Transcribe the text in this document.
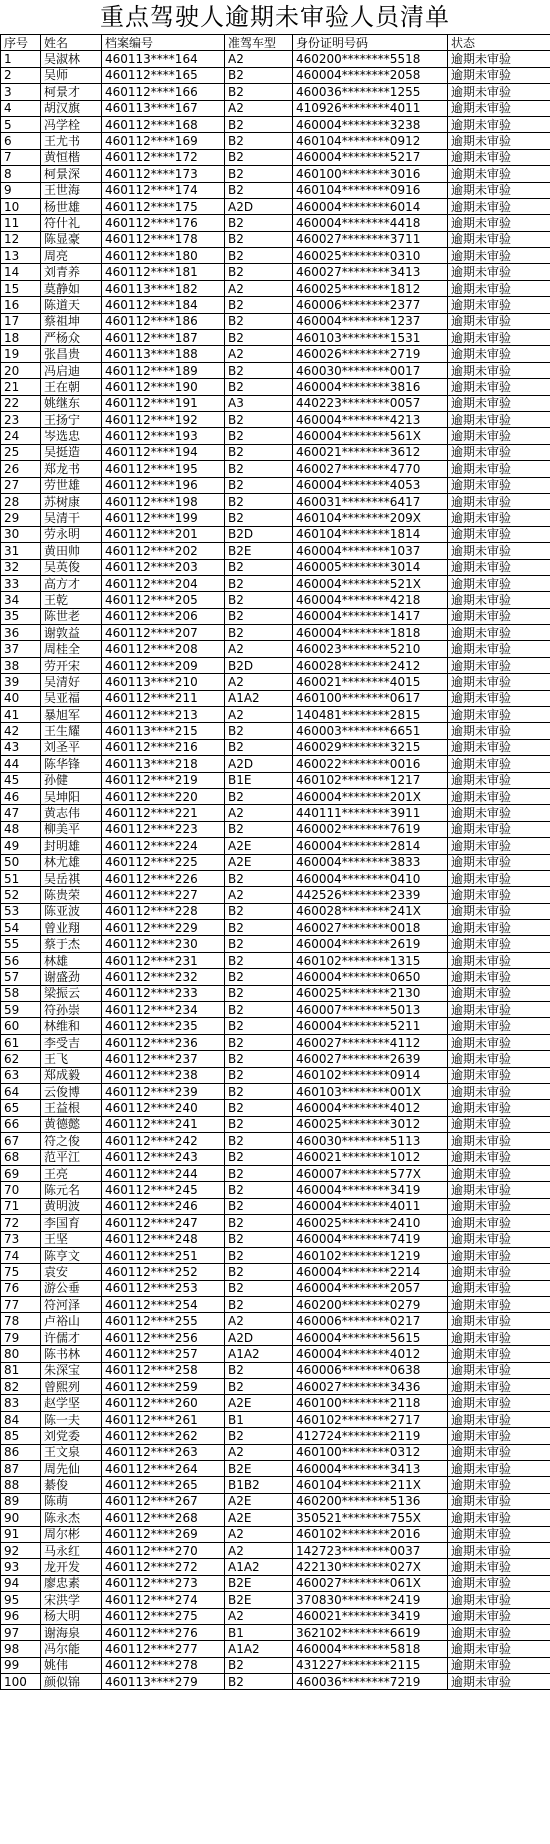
重点驾驶人逾期未审验人员清单
序号	姓名	档案编号	准驾车型	身份证明号码	状态
1	吴淑林	460113****164	A2	460200********5518	逾期未审验
2	吴师	460112****165	B2	460004********2058	逾期未审验
3	柯景才	460112****166	B2	460036********1255	逾期未审验
4	胡汉旗	460113****167	A2	410926********4011	逾期未审验
5	冯学栓	460112****168	B2	460004********3238	逾期未审验
6	王尤书	460112****169	B2	460104********0912	逾期未审验
7	黄恒楷	460112****172	B2	460004********5217	逾期未审验
8	柯景深	460112****173	B2	460100********3016	逾期未审验
9	王世海	460112****174	B2	460104********0916	逾期未审验
10	杨世雄	460112****175	A2D	460004********6014	逾期未审验
11	符什礼	460112****176	B2	460004********4418	逾期未审验
12	陈显豪	460112****178	B2	460027********3711	逾期未审验
13	周亮	460112****180	B2	460025********0310	逾期未审验
14	刘青养	460112****181	B2	460027********3413	逾期未审验
15	莫静如	460113****182	A2	460025********1812	逾期未审验
16	陈道天	460112****184	B2	460006********2377	逾期未审验
17	蔡祖坤	460112****186	B2	460004********1237	逾期未审验
18	严杨众	460112****187	B2	460103********1531	逾期未审验
19	张昌贵	460113****188	A2	460026********2719	逾期未审验
20	冯启迪	460112****189	B2	460030********0017	逾期未审验
21	王在朝	460112****190	B2	460004********3816	逾期未审验
22	姚继东	460112****191	A3	440223********0057	逾期未审验
23	王扬宁	460112****192	B2	460004********4213	逾期未审验
24	岑选忠	460112****193	B2	460004********561X	逾期未审验
25	吴挺造	460112****194	B2	460021********3612	逾期未审验
26	郑龙书	460112****195	B2	460027********4770	逾期未审验
27	劳世雄	460112****196	B2	460004********4053	逾期未审验
28	苏树康	460112****198	B2	460031********6417	逾期未审验
29	吴清干	460112****199	B2	460104********209X	逾期未审验
30	劳永明	460112****201	B2D	460104********1814	逾期未审验
31	黄田帅	460112****202	B2E	460004********1037	逾期未审验
32	吴英俊	460112****203	B2	460005********3014	逾期未审验
33	高方才	460112****204	B2	460004********521X	逾期未审验
34	王乾	460112****205	B2	460004********4218	逾期未审验
35	陈世老	460112****206	B2	460004********1417	逾期未审验
36	谢敦益	460112****207	B2	460004********1818	逾期未审验
37	周桂全	460112****208	A2	460023********5210	逾期未审验
38	劳开宋	460112****209	B2D	460028********2412	逾期未审验
39	吴清好	460113****210	A2	460021********4015	逾期未审验
40	吴亚福	460112****211	A1A2	460100********0617	逾期未审验
41	暴旭军	460112****213	A2	140481********2815	逾期未审验
42	王生耀	460113****215	B2	460003********6651	逾期未审验
43	刘圣平	460112****216	B2	460029********3215	逾期未审验
44	陈华锋	460113****218	A2D	460022********0016	逾期未审验
45	孙健	460112****219	B1E	460102********1217	逾期未审验
46	吴坤阳	460112****220	B2	460004********201X	逾期未审验
47	黄志伟	460112****221	A2	440111********3911	逾期未审验
48	柳美平	460112****223	B2	460002********7619	逾期未审验
49	封明雄	460112****224	A2E	460004********2814	逾期未审验
50	林尤雄	460112****225	A2E	460004********3833	逾期未审验
51	吴岳祺	460112****226	B2	460004********0410	逾期未审验
52	陈贵荣	460112****227	A2	442526********2339	逾期未审验
53	陈亚波	460112****228	B2	460028********241X	逾期未审验
54	曾业翔	460112****229	B2	460027********0018	逾期未审验
55	蔡于杰	460112****230	B2	460004********2619	逾期未审验
56	林雄	460112****231	B2	460102********1315	逾期未审验
57	谢盛劲	460112****232	B2	460004********0650	逾期未审验
58	梁振云	460112****233	B2	460025********2130	逾期未审验
59	符孙崇	460112****234	B2	460007********5013	逾期未审验
60	林维和	460112****235	B2	460004********5211	逾期未审验
61	李受吉	460112****236	B2	460027********4112	逾期未审验
62	王飞	460112****237	B2	460027********2639	逾期未审验
63	郑成毅	460112****238	B2	460102********0914	逾期未审验
64	云俊博	460112****239	B2	460103********001X	逾期未审验
65	王益根	460112****240	B2	460004********4012	逾期未审验
66	黄德懿	460112****241	B2	460025********3012	逾期未审验
67	符之俊	460112****242	B2	460030********5113	逾期未审验
68	范平江	460112****243	B2	460021********1012	逾期未审验
69	王亮	460112****244	B2	460007********577X	逾期未审验
70	陈元名	460112****245	B2	460004********3419	逾期未审验
71	黄明波	460112****246	B2	460004********4011	逾期未审验
72	李国育	460112****247	B2	460025********2410	逾期未审验
73	王坚	460112****248	B2	460004********7419	逾期未审验
74	陈亨文	460112****251	B2	460102********1219	逾期未审验
75	袁安	460112****252	B2	460004********2214	逾期未审验
76	游公垂	460112****253	B2	460004********2057	逾期未审验
77	符河泽	460112****254	B2	460200********0279	逾期未审验
78	卢裕山	460112****255	A2	460006********0217	逾期未审验
79	许儒才	460112****256	A2D	460004********5615	逾期未审验
80	陈书林	460112****257	A1A2	460004********4012	逾期未审验
81	朱深宝	460112****258	B2	460006********0638	逾期未审验
82	曾熙列	460112****259	B2	460027********3436	逾期未审验
83	赵学坚	460112****260	A2E	460100********2118	逾期未审验
84	陈一夫	460112****261	B1	460102********2717	逾期未审验
85	刘党委	460112****262	B2	412724********2119	逾期未审验
86	王文泉	460112****263	A2	460100********0312	逾期未审验
87	周先仙	460112****264	B2E	460004********3413	逾期未审验
88	綦俊	460112****265	B1B2	460104********211X	逾期未审验
89	陈萌	460112****267	A2E	460200********5136	逾期未审验
90	陈永杰	460112****268	A2E	350521********755X	逾期未审验
91	周尔彬	460112****269	A2	460102********2016	逾期未审验
92	马永红	460112****270	A2	142723********0037	逾期未审验
93	龙开发	460112****272	A1A2	422130********027X	逾期未审验
94	廖忠素	460112****273	B2E	460027********061X	逾期未审验
95	宋洪学	460112****274	B2E	370830********2419	逾期未审验
96	杨大明	460112****275	A2	460021********3419	逾期未审验
97	谢海泉	460112****276	B1	362102********6619	逾期未审验
98	冯尔能	460112****277	A1A2	460004********5818	逾期未审验
99	姚伟	460112****278	B2	431227********2115	逾期未审验
100	颜似锦	460113****279	B2	460036********7219	逾期未审验
